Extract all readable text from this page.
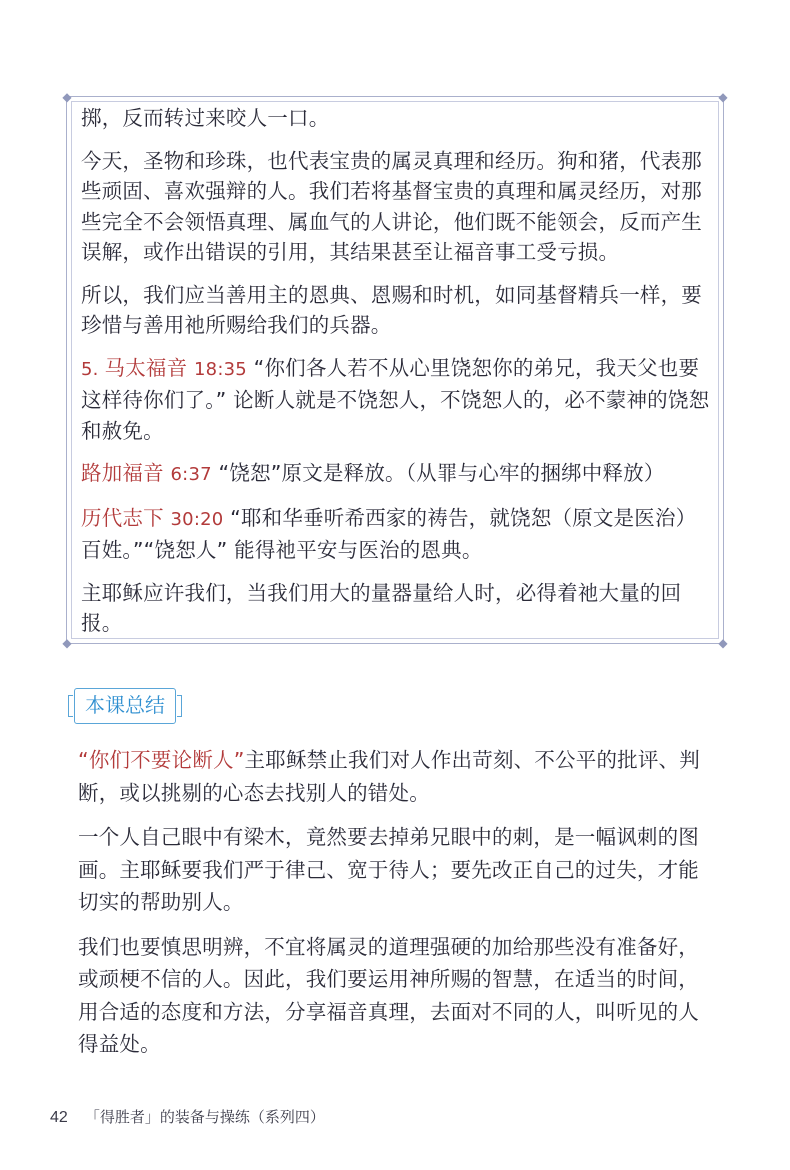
◆	◆
◆	◆

掷，反而转过来咬人一口。

今天，圣物和珍珠，也代表宝贵的属灵真理和经历。狗和猪，代表那些顽固、喜欢强辩的人。我们若将基督宝贵的真理和属灵经历，对那些完全不会领悟真理、属血气的人讲论，他们既不能领会，反而产生误解，或作出错误的引用，其结果甚至让福音事工受亏损。

所以，我们应当善用主的恩典、恩赐和时机，如同基督精兵一样，要珍惜与善用祂所赐给我们的兵器。

5. 马太福音 18:35 “你们各人若不从心里饶恕你的弟兄，我天父也要这样待你们了。” 论断人就是不饶恕人，不饶恕人的，必不蒙神的饶恕和赦免。

路加福音 6:37 “饶恕”原文是释放。（从罪与心牢的捆绑中释放）

历代志下 30:20 “耶和华垂听希西家的祷告，就饶恕（原文是医治）百姓。”“饶恕人” 能得祂平安与医治的恩典。

主耶稣应许我们，当我们用大的量器量给人时，必得着祂大量的回报。

本课总结

“你们不要论断人”主耶稣禁止我们对人作出苛刻、不公平的批评、判断，或以挑剔的心态去找别人的错处。

一个人自己眼中有梁木，竟然要去掉弟兄眼中的刺，是一幅讽刺的图画。主耶稣要我们严于律己、宽于待人；要先改正自己的过失，才能切实的帮助别人。

我们也要慎思明辨，不宜将属灵的道理强硬的加给那些没有准备好，或顽梗不信的人。因此，我们要运用神所赐的智慧，在适当的时间，用合适的态度和方法，分享福音真理，去面对不同的人，叫听见的人得益处。

42 「得胜者」的装备与操练（系列四）
